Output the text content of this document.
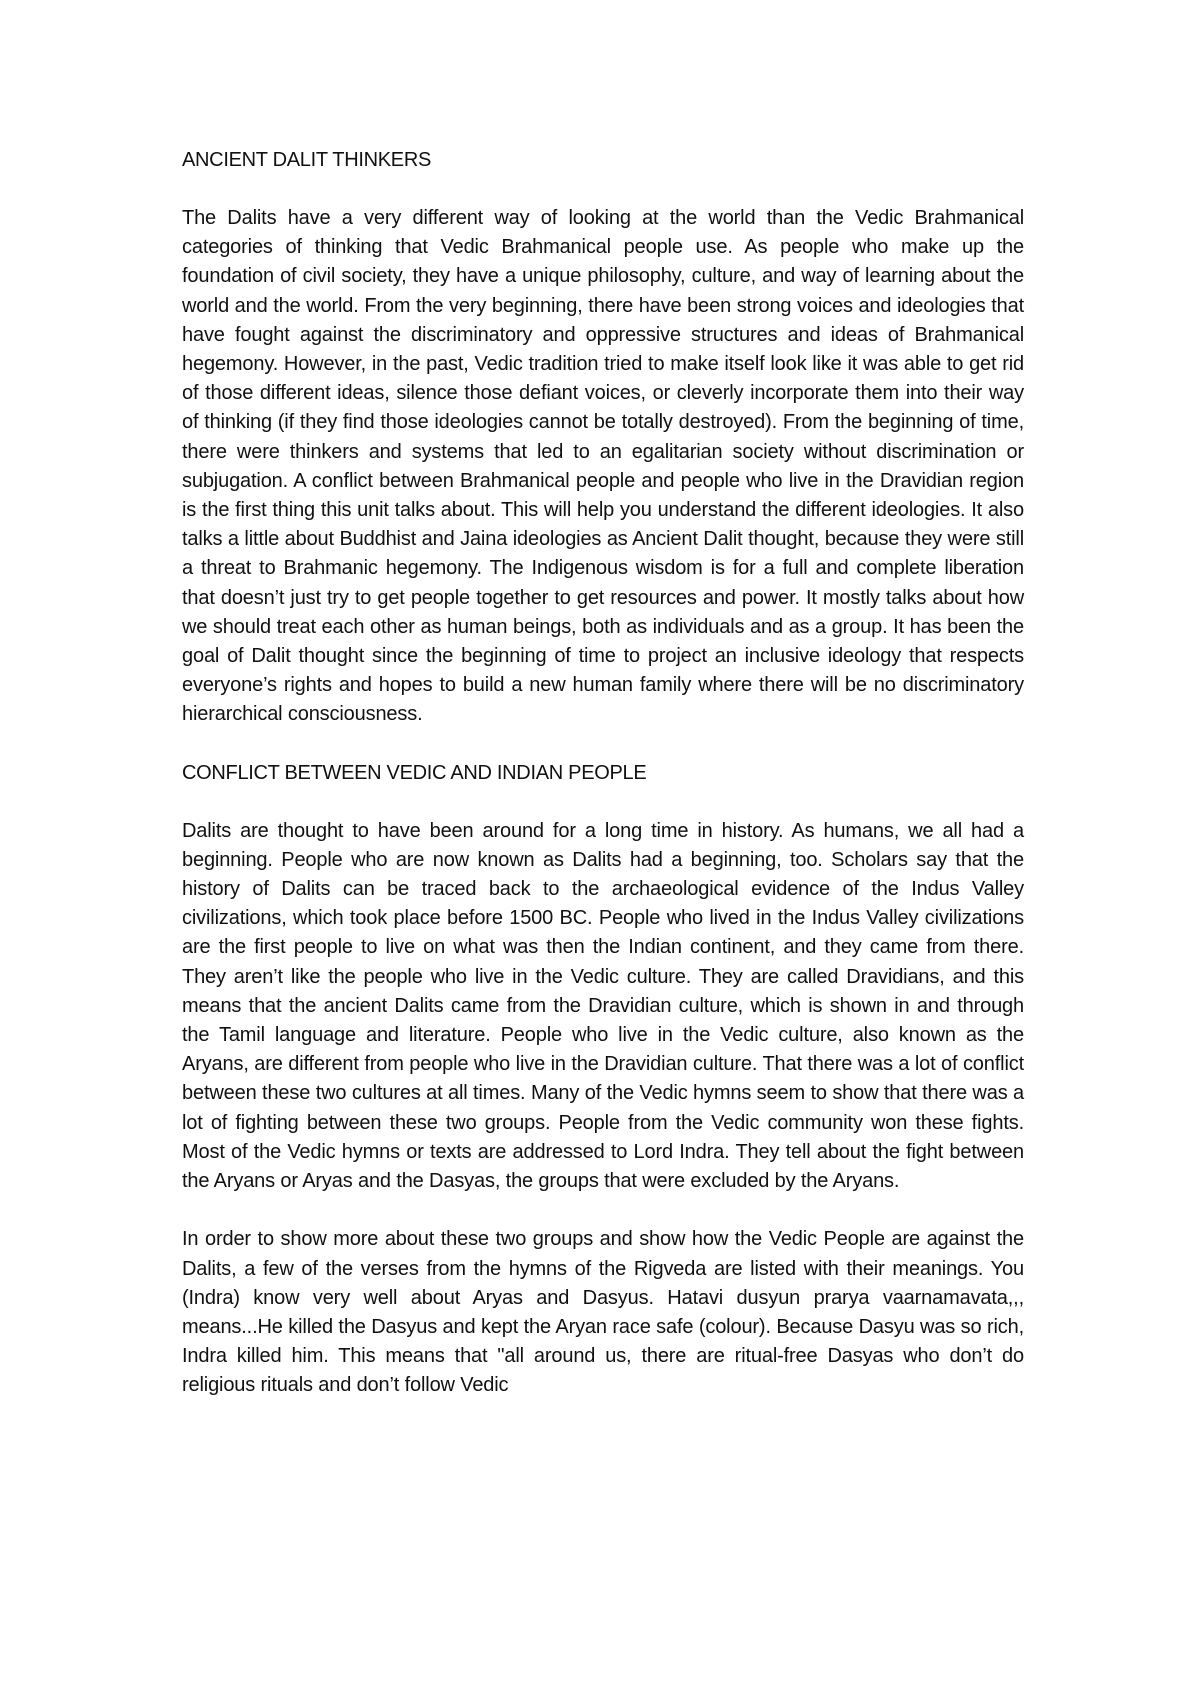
ANCIENT DALIT THINKERS

The Dalits have a very different way of looking at the world than the Vedic Brahmanical categories of thinking that Vedic Brahmanical people use. As people who make up the foundation of civil society, they have a unique philosophy, culture, and way of learning about the world and the world. From the very beginning, there have been strong voices and ideologies that have fought against the discriminatory and oppressive structures and ideas of Brahmanical hegemony. However, in the past, Vedic tradition tried to make itself look like it was able to get rid of those different ideas, silence those defiant voices, or cleverly incorporate them into their way of thinking (if they find those ideologies cannot be totally destroyed). From the beginning of time, there were thinkers and systems that led to an egalitarian society without discrimination or subjugation. A conflict between Brahmanical people and people who live in the Dravidian region is the first thing this unit talks about. This will help you understand the different ideologies. It also talks a little about Buddhist and Jaina ideologies as Ancient Dalit thought, because they were still a threat to Brahmanic hegemony. The Indigenous wisdom is for a full and complete liberation that doesn’t just try to get people together to get resources and power. It mostly talks about how we should treat each other as human beings, both as individuals and as a group. It has been the goal of Dalit thought since the beginning of time to project an inclusive ideology that respects everyone’s rights and hopes to build a new human family where there will be no discriminatory hierarchical consciousness.

CONFLICT BETWEEN VEDIC AND INDIAN PEOPLE

Dalits are thought to have been around for a long time in history. As humans, we all had a beginning. People who are now known as Dalits had a beginning, too. Scholars say that the history of Dalits can be traced back to the archaeological evidence of the Indus Valley civilizations, which took place before 1500 BC. People who lived in the Indus Valley civilizations are the first people to live on what was then the Indian continent, and they came from there. They aren’t like the people who live in the Vedic culture. They are called Dravidians, and this means that the ancient Dalits came from the Dravidian culture, which is shown in and through the Tamil language and literature. People who live in the Vedic culture, also known as the Aryans, are different from people who live in the Dravidian culture. That there was a lot of conflict between these two cultures at all times. Many of the Vedic hymns seem to show that there was a lot of fighting between these two groups. People from the Vedic community won these fights. Most of the Vedic hymns or texts are addressed to Lord Indra. They tell about the fight between the Aryans or Aryas and the Dasyas, the groups that were excluded by the Aryans.

In order to show more about these two groups and show how the Vedic People are against the Dalits, a few of the verses from the hymns of the Rigveda are listed with their meanings. You (Indra) know very well about Aryas and Dasyus. Hatavi dusyun prarya vaarnamavata,,, means...He killed the Dasyus and kept the Aryan race safe (colour). Because Dasyu was so rich, Indra killed him. This means that "all around us, there are ritual-free Dasyas who don’t do religious rituals and don’t follow Vedic
